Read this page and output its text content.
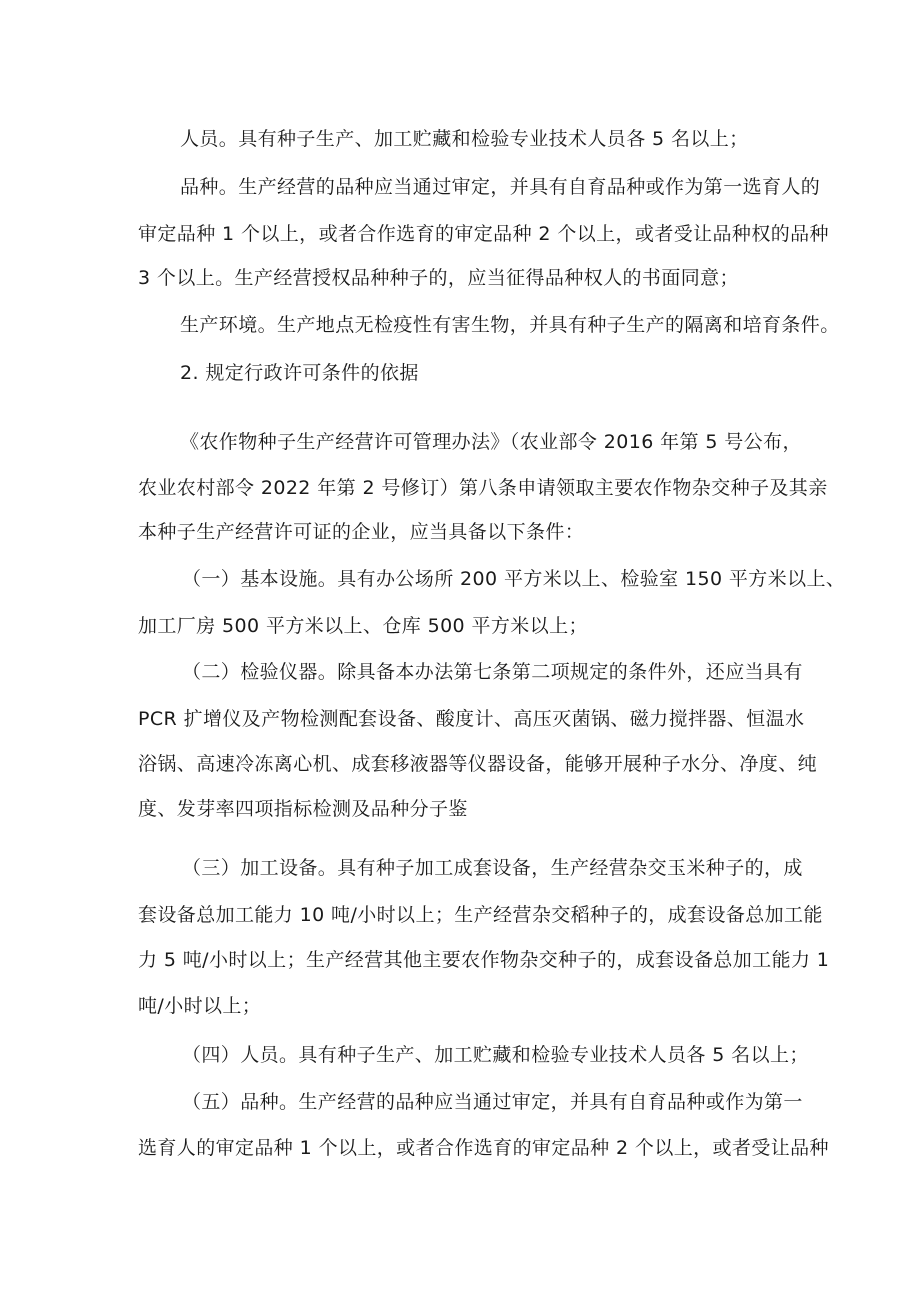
人员。具有种子生产、加工贮藏和检验专业技术人员各 5 名以上；
品种。生产经营的品种应当通过审定，并具有自育品种或作为第一选育人的
审定品种 1 个以上，或者合作选育的审定品种 2 个以上，或者受让品种权的品种
3 个以上。生产经营授权品种种子的，应当征得品种权人的书面同意；
生产环境。生产地点无检疫性有害生物，并具有种子生产的隔离和培育条件。
2. 规定行政许可条件的依据
《农作物种子生产经营许可管理办法》（农业部令 2016 年第 5 号公布，
农业农村部令 2022 年第 2 号修订）第八条申请领取主要农作物杂交种子及其亲
本种子生产经营许可证的企业，应当具备以下条件：
（一）基本设施。具有办公场所 200 平方米以上、检验室 150 平方米以上、
加工厂房 500 平方米以上、仓库 500 平方米以上；
（二）检验仪器。除具备本办法第七条第二项规定的条件外，还应当具有
PCR 扩增仪及产物检测配套设备、酸度计、高压灭菌锅、磁力搅拌器、恒温水
浴锅、高速冷冻离心机、成套移液器等仪器设备，能够开展种子水分、净度、纯
度、发芽率四项指标检测及品种分子鉴
（三）加工设备。具有种子加工成套设备，生产经营杂交玉米种子的，成
套设备总加工能力 10 吨/小时以上；生产经营杂交稻种子的，成套设备总加工能
力 5 吨/小时以上；生产经营其他主要农作物杂交种子的，成套设备总加工能力 1
吨/小时以上；
（四）人员。具有种子生产、加工贮藏和检验专业技术人员各 5 名以上；
（五）品种。生产经营的品种应当通过审定，并具有自育品种或作为第一
选育人的审定品种 1 个以上，或者合作选育的审定品种 2 个以上，或者受让品种
